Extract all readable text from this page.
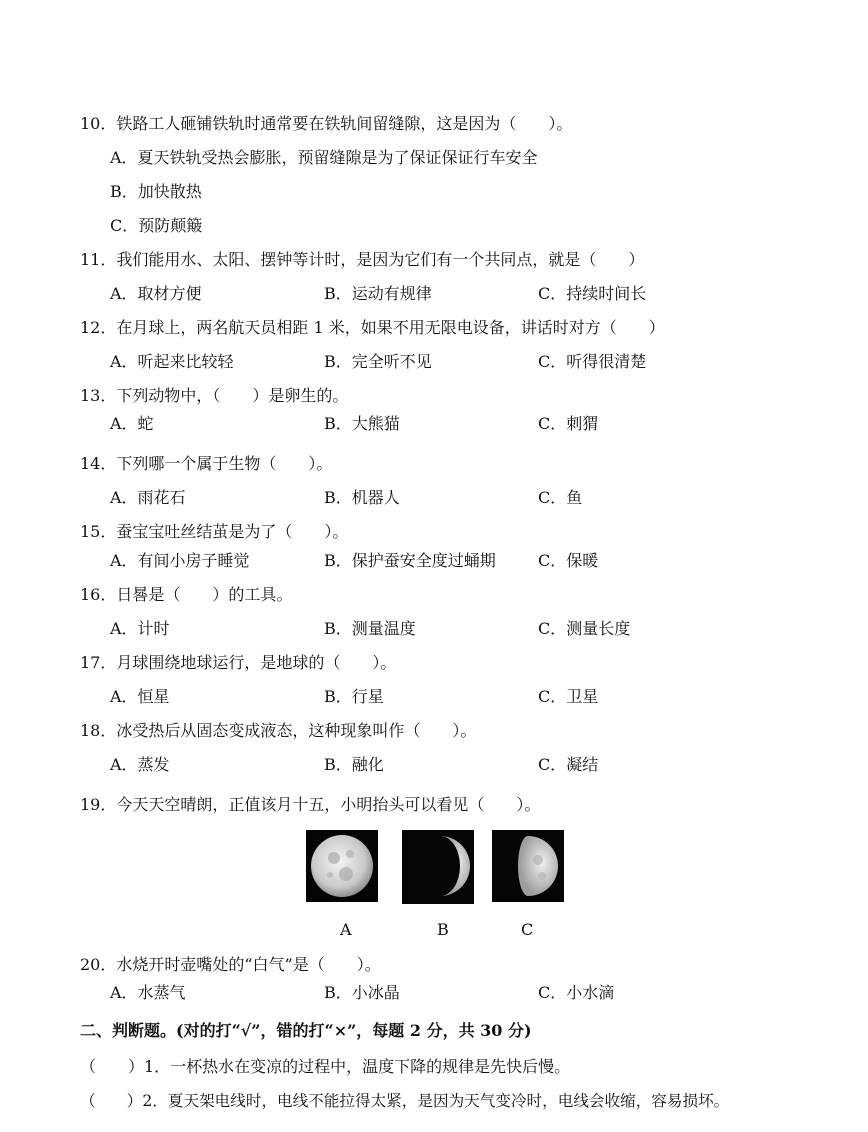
10．铁路工人砸铺铁轨时通常要在铁轨间留缝隙，这是因为（　　）。
A．夏天铁轨受热会膨胀，预留缝隙是为了保证保证行车安全
B．加快散热
C．预防颠簸
11．我们能用水、太阳、摆钟等计时，是因为它们有一个共同点，就是（　　）
A．取材方便	B．运动有规律	C．持续时间长
12．在月球上，两名航天员相距 1 米，如果不用无限电设备，讲话时对方（　　）
A．听起来比较轻	B．完全听不见	C．听得很清楚
13．下列动物中，（　　）是卵生的。
A．蛇	B．大熊猫	C．刺猬
14．下列哪一个属于生物（　　）。
A．雨花石	B．机器人	C．鱼
15．蚕宝宝吐丝结茧是为了（　　）。
A．有间小房子睡觉	B．保护蚕安全度过蛹期	C．保暖
16．日晷是（　　）的工具。
A．计时	B．测量温度	C．测量长度
17．月球围绕地球运行，是地球的（　　）。
A．恒星	B．行星	C．卫星
18．冰受热后从固态变成液态，这种现象叫作（　　）。
A．蒸发	B．融化	C．凝结
19．今天天空晴朗，正值该月十五，小明抬头可以看见（　　）。
A	B	C
20．水烧开时壶嘴处的“白气”是（　　）。
A．水蒸气	B．小冰晶	C．小水滴
二、判断题。(对的打“√”，错的打“×”，每题 2 分，共 30 分)
（　　）1．一杯热水在变凉的过程中，温度下降的规律是先快后慢。
（　　）2．夏天架电线时，电线不能拉得太紧，是因为天气变冷时，电线会收缩，容易损坏。
